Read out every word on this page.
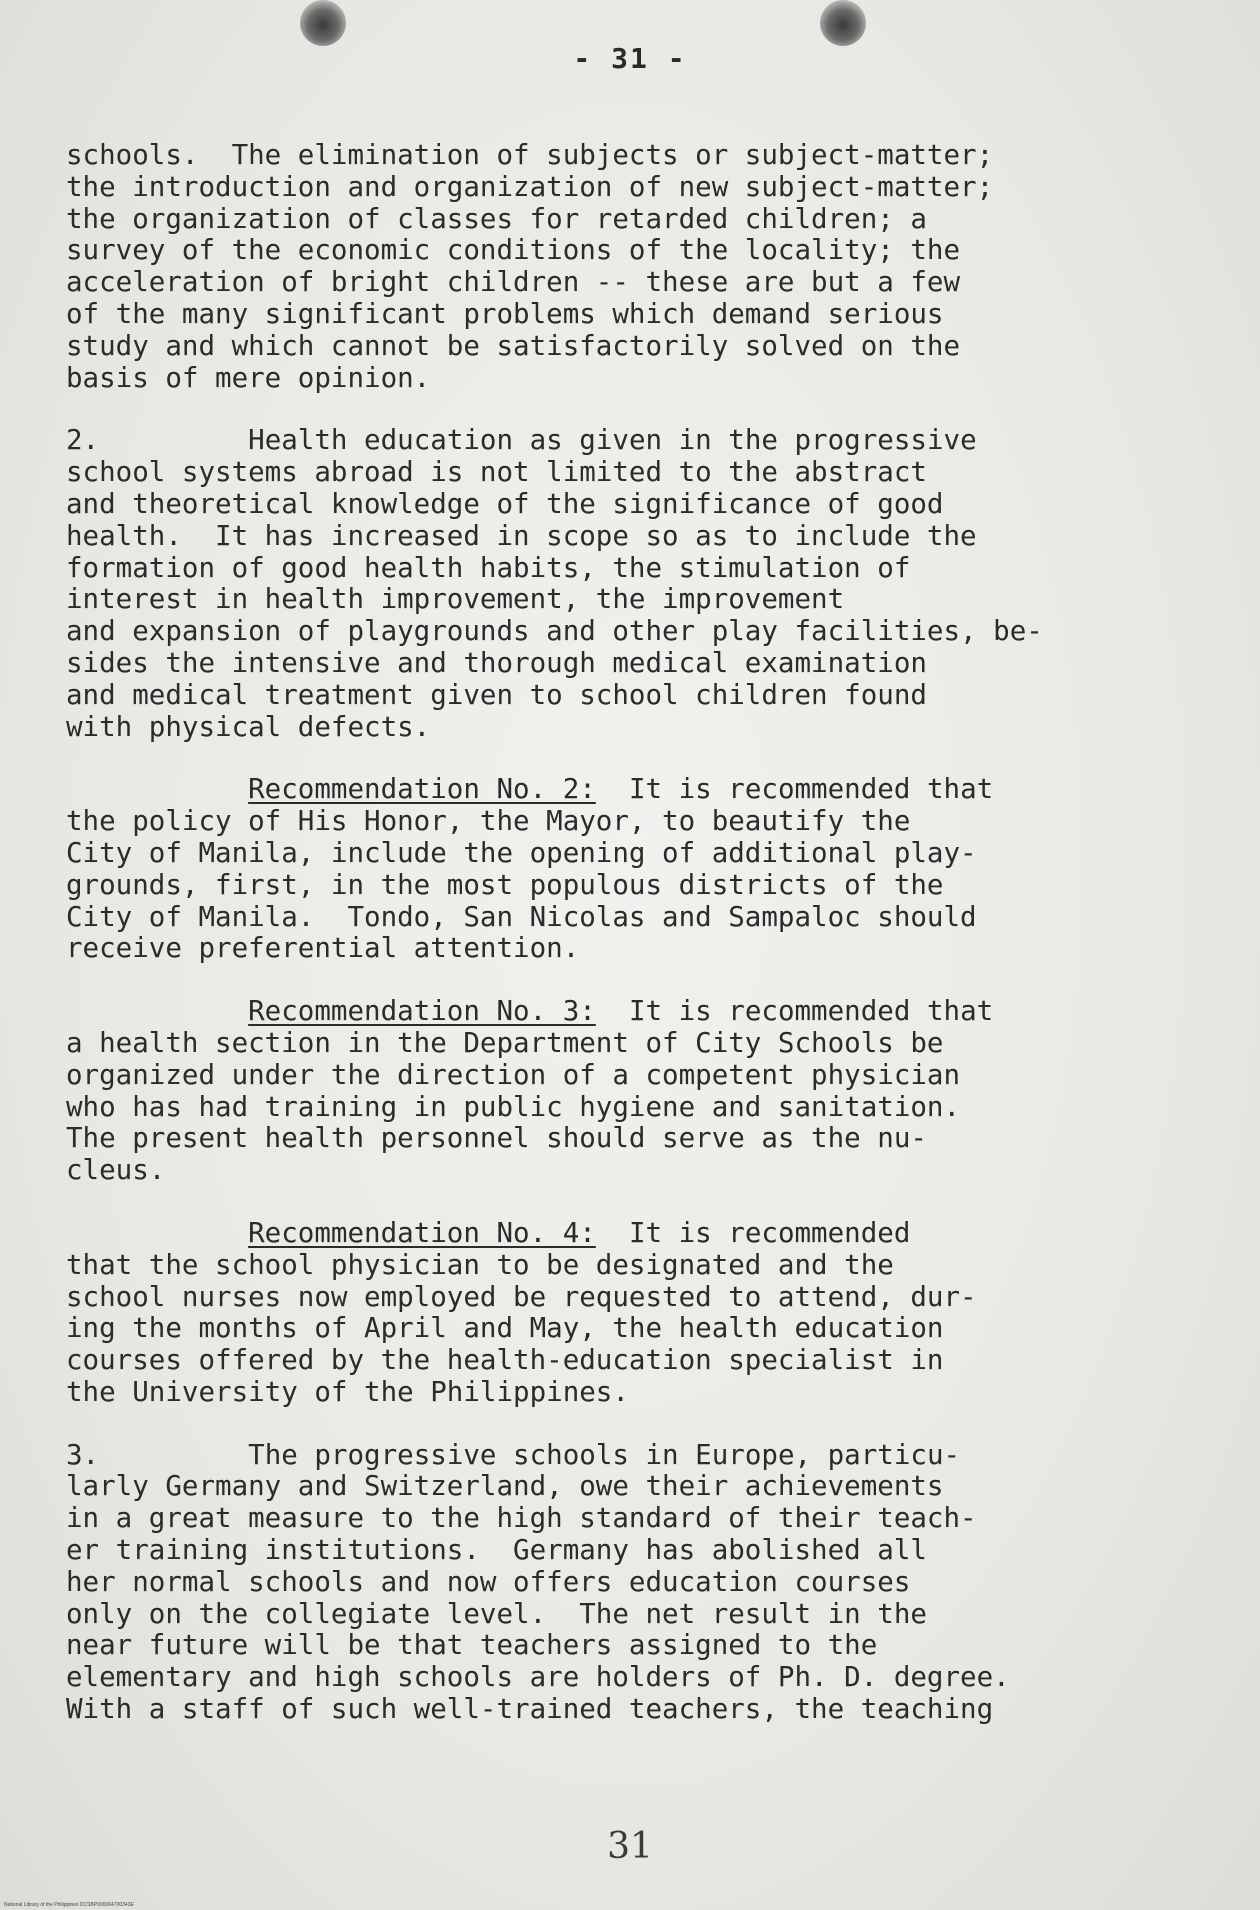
- 31 -
schools.  The elimination of subjects or subject-matter;
the introduction and organization of new subject-matter;
the organization of classes for retarded children; a
survey of the economic conditions of the locality; the
acceleration of bright children -- these are but a few
of the many significant problems which demand serious
study and which cannot be satisfactorily solved on the
basis of mere opinion.
2.	Health education as given in the progressive
school systems abroad is not limited to the abstract
and theoretical knowledge of the significance of good
health.  It has increased in scope so as to include the
formation of good health habits, the stimulation of
interest in health improvement, the improvement
and expansion of playgrounds and other play facilities, be-
sides the intensive and thorough medical examination
and medical treatment given to school children found
with physical defects.
Recommendation No. 2: It is recommended that
the policy of His Honor, the Mayor, to beautify the
City of Manila, include the opening of additional play-
grounds, first, in the most populous districts of the
City of Manila.  Tondo, San Nicolas and Sampaloc should
receive preferential attention.
Recommendation No. 3: It is recommended that
a health section in the Department of City Schools be
organized under the direction of a competent physician
who has had training in public hygiene and sanitation.
The present health personnel should serve as the nu-
cleus.
Recommendation No. 4: It is recommended
that the school physician to be designated and the
school nurses now employed be requested to attend, dur-
ing the months of April and May, the health education
courses offered by the health-education specialist in
the University of the Philippines.
3.	The progressive schools in Europe, particu-
larly Germany and Switzerland, owe their achievements
in a great measure to the high standard of their teach-
er training institutions.  Germany has abolished all
her normal schools and now offers education courses
only on the collegiate level.  The net result in the
near future will be that teachers assigned to the
elementary and high schools are holders of Ph. D. degree.
With a staff of such well-trained teachers, the teaching
31
National Library of the Philippines DCSBP000064700343E
